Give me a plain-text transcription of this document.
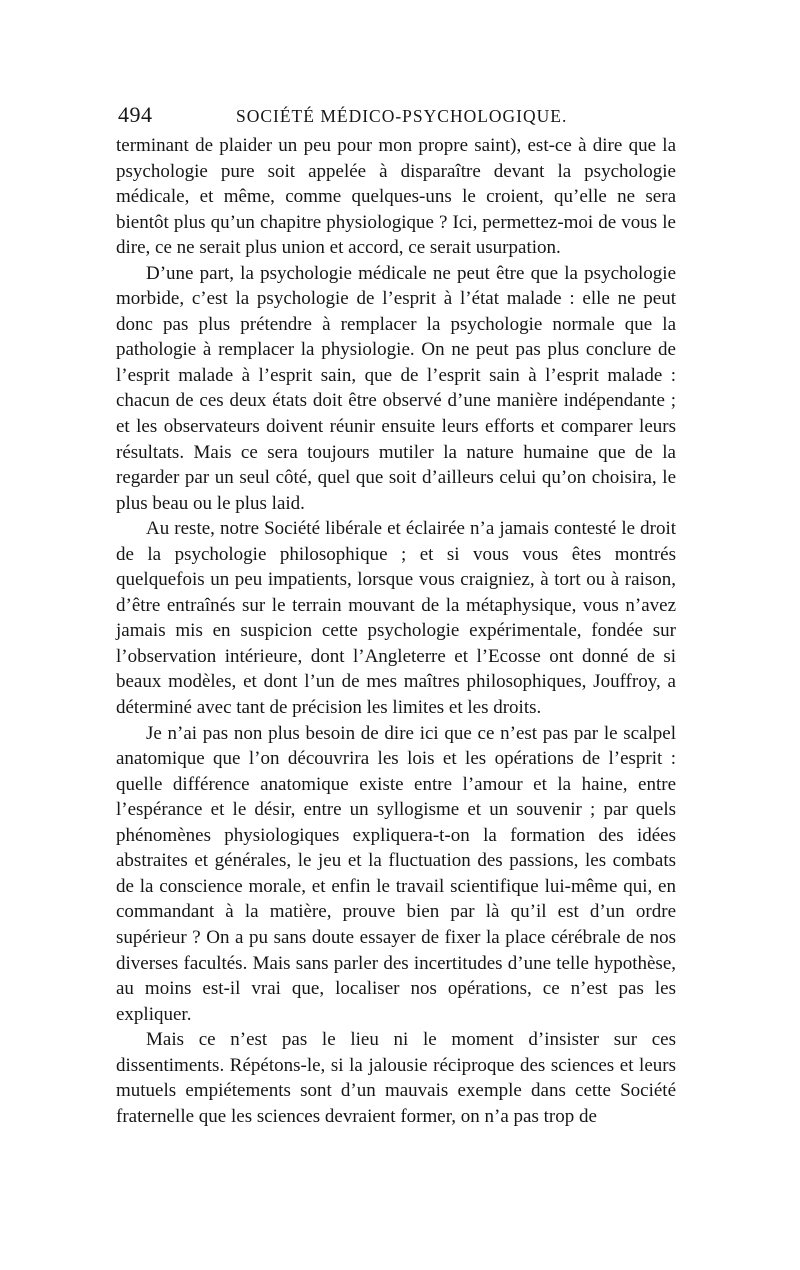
494	SOCIÉTÉ MÉDICO-PSYCHOLOGIQUE.

terminant de plaider un peu pour mon propre saint), est-ce à dire que la psychologie pure soit appelée à disparaître devant la psychologie médicale, et même, comme quelques-uns le croient, qu’elle ne sera bientôt plus qu’un chapitre physiologique ? Ici, permettez-moi de vous le dire, ce ne serait plus union et accord, ce serait usurpation.

D’une part, la psychologie médicale ne peut être que la psychologie morbide, c’est la psychologie de l’esprit à l’état malade : elle ne peut donc pas plus prétendre à remplacer la psychologie normale que la pathologie à remplacer la physiologie. On ne peut pas plus conclure de l’esprit malade à l’esprit sain, que de l’esprit sain à l’esprit malade : chacun de ces deux états doit être observé d’une manière indépendante ; et les observateurs doivent réunir ensuite leurs efforts et comparer leurs résultats. Mais ce sera toujours mutiler la nature humaine que de la regarder par un seul côté, quel que soit d’ailleurs celui qu’on choisira, le plus beau ou le plus laid.

Au reste, notre Société libérale et éclairée n’a jamais contesté le droit de la psychologie philosophique ; et si vous vous êtes montrés quelquefois un peu impatients, lorsque vous craigniez, à tort ou à raison, d’être entraînés sur le terrain mouvant de la métaphysique, vous n’avez jamais mis en suspicion cette psychologie expérimentale, fondée sur l’observation intérieure, dont l’Angleterre et l’Ecosse ont donné de si beaux modèles, et dont l’un de mes maîtres philosophiques, Jouffroy, a déterminé avec tant de précision les limites et les droits.

Je n’ai pas non plus besoin de dire ici que ce n’est pas par le scalpel anatomique que l’on découvrira les lois et les opérations de l’esprit : quelle différence anatomique existe entre l’amour et la haine, entre l’espérance et le désir, entre un syllogisme et un souvenir ; par quels phénomènes physiologiques expliquera-t-on la formation des idées abstraites et générales, le jeu et la fluctuation des passions, les combats de la conscience morale, et enfin le travail scientifique lui-même qui, en commandant à la matière, prouve bien par là qu’il est d’un ordre supérieur ? On a pu sans doute essayer de fixer la place cérébrale de nos diverses facultés. Mais sans parler des incertitudes d’une telle hypothèse, au moins est-il vrai que, localiser nos opérations, ce n’est pas les expliquer.

Mais ce n’est pas le lieu ni le moment d’insister sur ces dissentiments. Répétons-le, si la jalousie réciproque des sciences et leurs mutuels empiétements sont d’un mauvais exemple dans cette Société fraternelle que les sciences devraient former, on n’a pas trop de
